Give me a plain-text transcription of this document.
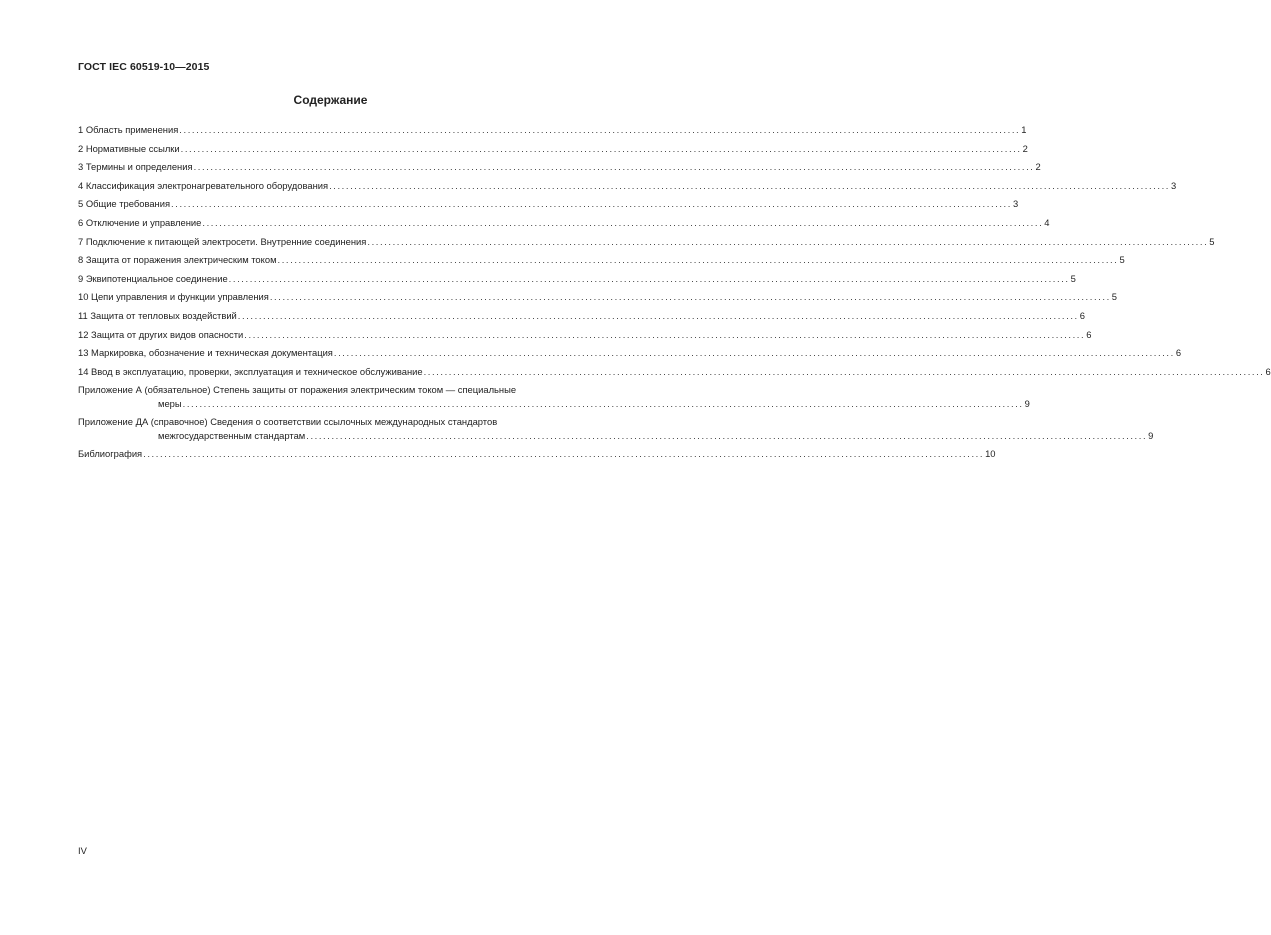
ГОСТ IEC 60519-10—2015
Содержание
1 Область применения ........................................................................................................................................................................................................ 1
2 Нормативные ссылки ........................................................................................................................................................................................................ 2
3 Термины и определения ........................................................................................................................................................................................................ 2
4 Классификация электронагревательного оборудования ........................................................................................................................................................................................................ 3
5 Общие требования ........................................................................................................................................................................................................ 3
6 Отключение и управление ........................................................................................................................................................................................................ 4
7 Подключение к питающей электросети. Внутренние соединения ........................................................................................................................................................................................................ 5
8 Защита от поражения электрическим током ........................................................................................................................................................................................................ 5
9 Эквипотенциальное соединение ........................................................................................................................................................................................................ 5
10 Цепи управления и функции управления ........................................................................................................................................................................................................ 5
11 Защита от тепловых воздействий ........................................................................................................................................................................................................ 6
12 Защита от других видов опасности ........................................................................................................................................................................................................ 6
13 Маркировка, обозначение и техническая документация ........................................................................................................................................................................................................ 6
14 Ввод в эксплуатацию, проверки, эксплуатация и техническое обслуживание ........................................................................................................................................................................................................ 6
Приложение А (обязательное) Степень защиты от поражения электрическим током — специальные
меры ........................................................................................................................................................................................................ 9
Приложение ДА (справочное) Сведения о соответствии ссылочных международных стандартов
межгосударственным стандартам ........................................................................................................................................................................................................ 9
Библиография ........................................................................................................................................................................................................ 10
IV
